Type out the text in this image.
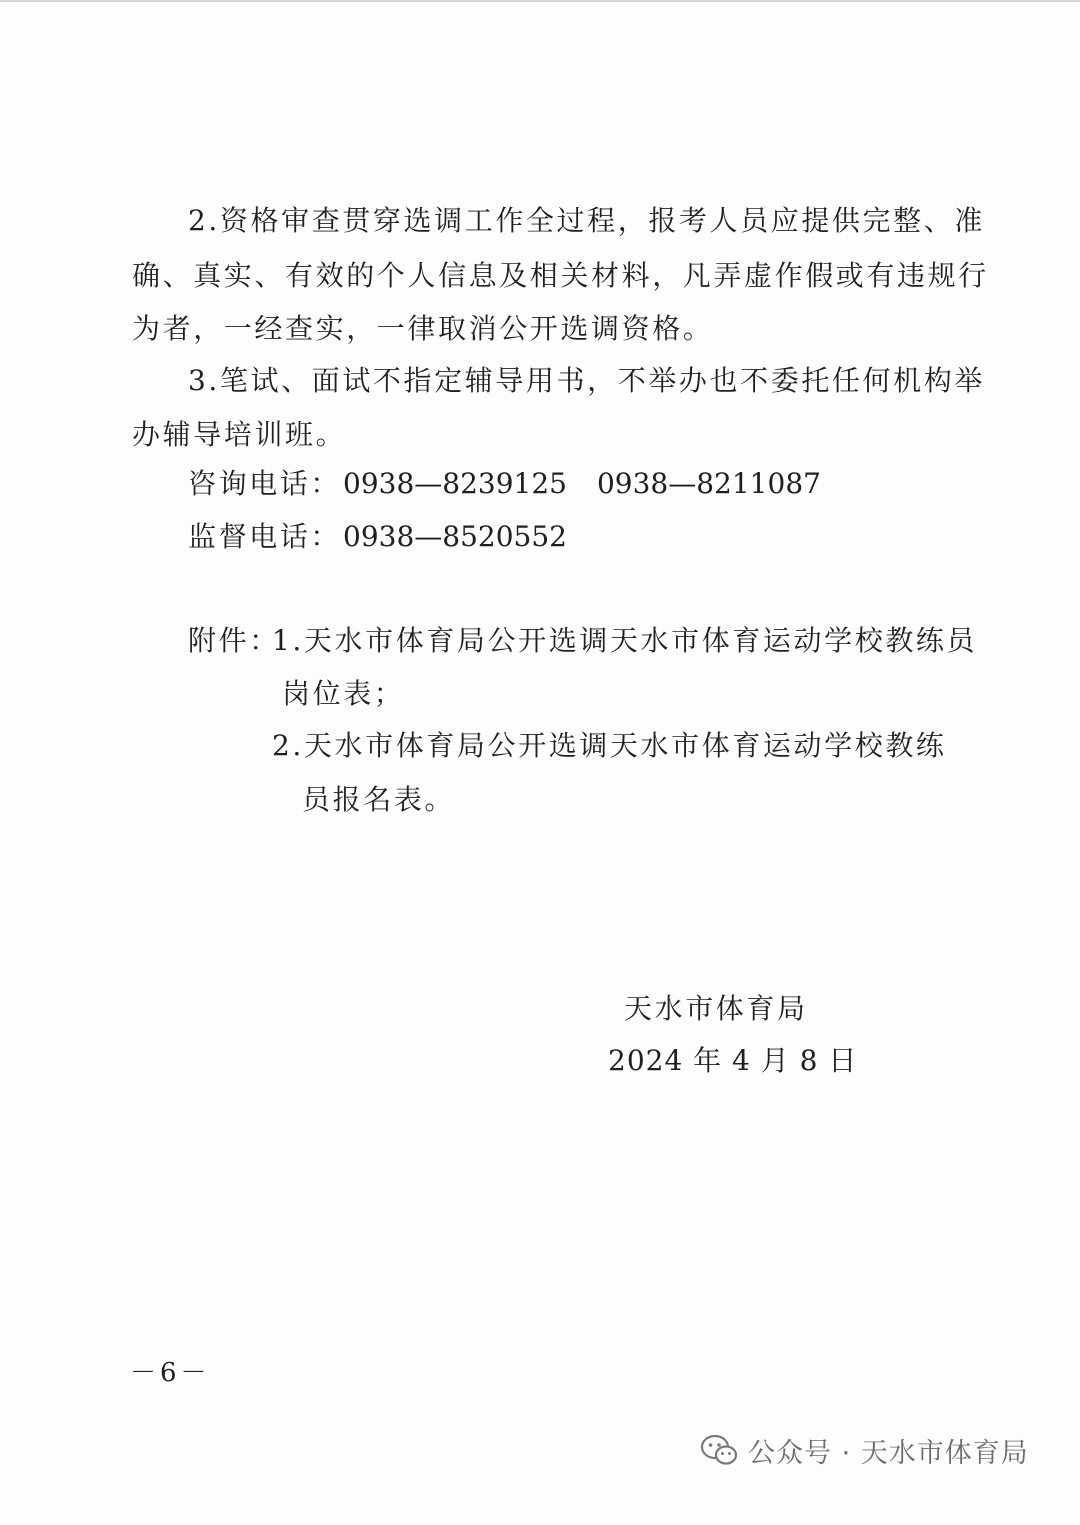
2.资格审查贯穿选调工作全过程，报考人员应提供完整、准

确、真实、有效的个人信息及相关材料，凡弄虚作假或有违规行

为者，一经查实，一律取消公开选调资格。

3.笔试、面试不指定辅导用书，不举办也不委托任何机构举

办辅导培训班。

咨询电话： 0938—8239125 0938—8211087
监督电话： 0938—8520552
附件：

1.天水市体育局公开选调天水市体育运动学校教练员

岗位表；

2.天水市体育局公开选调天水市体育运动学校教练

员报名表。

天水市体育局
2024 年 4 月 8 日
－6－
公众号 · 天水市体育局
